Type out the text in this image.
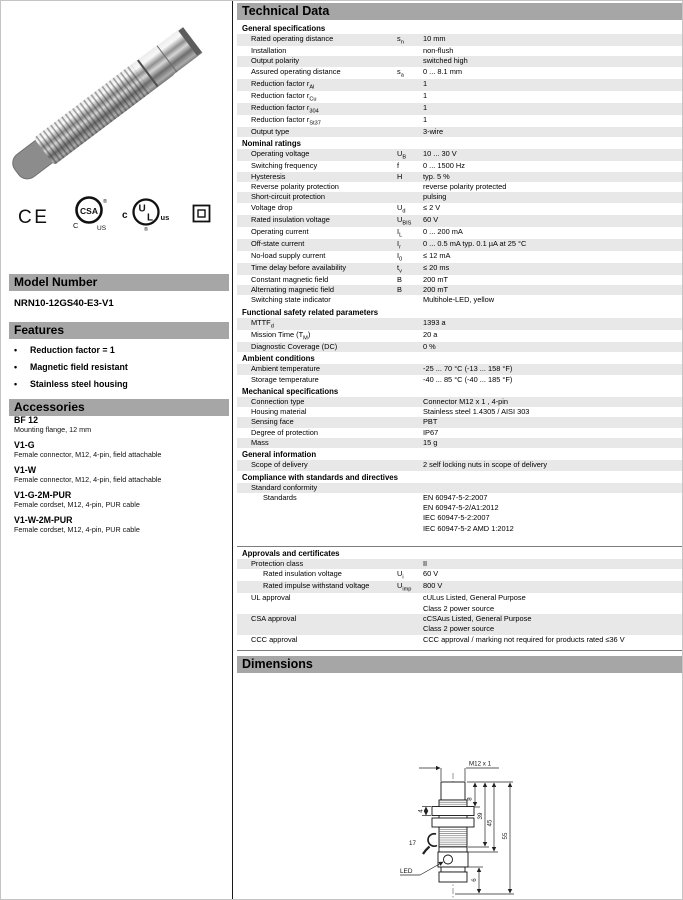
CE	CSA
®
C	US
c
U
L us
®
Model Number
NRN10-12GS40-E3-V1
Features
•	Reduction factor = 1
•	Magnetic field resistant
•	Stainless steel housing
Accessories
BF 12
Mounting flange, 12 mm
V1-G
Female connector, M12, 4-pin, field attachable
V1-W
Female connector, M12, 4-pin, field attachable
V1-G-2M-PUR
Female cordset, M12, 4-pin, PUR cable
V1-W-2M-PUR
Female cordset, M12, 4-pin, PUR cable
Technical Data
General specifications
Rated operating distance	$s_n$	10 mm
Installation	non-flush
Output polarity	switched high
Assured operating distance	$s_a$	0 ... 8.1 mm
Reduction factor $r_{Al}$	1
Reduction factor $r_{Cu}$	1
Reduction factor $r_{304}$	1
Reduction factor $r_{St37}$	1
Output type	3-wire
Nominal ratings
Operating voltage	$U_B$	10 ... 30 V
Switching frequency	f	0 ... 1500 Hz
Hysteresis	H	typ. 5 %
Reverse polarity protection	reverse polarity protected
Short-circuit protection	pulsing
Voltage drop	$U_d$	≤ 2 V
Rated insulation voltage	$U_{BIS}$	60 V
Operating current	$I_L$	0 ... 200 mA
Off-state current	$I_r$	0 ... 0.5 mA typ. 0.1 µA at 25 °C
No-load supply current	$I_0$	≤ 12 mA
Time delay before availability	$t_v$	≤ 20 ms
Constant magnetic field	B	200 mT
Alternating magnetic field	B	200 mT
Switching state indicator	Multihole-LED, yellow
Functional safety related parameters
$MTTF_d$	1393 a
Mission Time $(T_M)$	20 a
Diagnostic Coverage (DC)	0 %
Ambient conditions
Ambient temperature	-25 ... 70 °C (-13 ... 158 °F)
Storage temperature	-40 ... 85 °C (-40 ... 185 °F)
Mechanical specifications
Connection type	Connector M12 x 1 , 4-pin
Housing material	Stainless steel 1.4305 / AISI 303
Sensing face	PBT
Degree of protection	IP67
Mass	15 g
General information
Scope of delivery	2 self locking nuts in scope of delivery
Compliance with standards and directives
Standard conformity
Standards	EN 60947-5-2:2007
EN 60947-5-2/A1:2012
IEC 60947-5-2:2007
IEC 60947-5-2 AMD 1:2012
Approvals and certificates
Protection class	II
Rated insulation voltage	$U_i$	60 V
Rated impulse withstand voltage	$U_{imp}$	800 V
UL approval	cULus Listed, General Purpose
Class 2 power source
CSA approval	cCSAus Listed, General Purpose
Class 2 power source
CCC approval	CCC approval / marking not required for products rated ≤36 V
Dimensions
M12 x 1
8
39
45
55
6
4
17
LED
